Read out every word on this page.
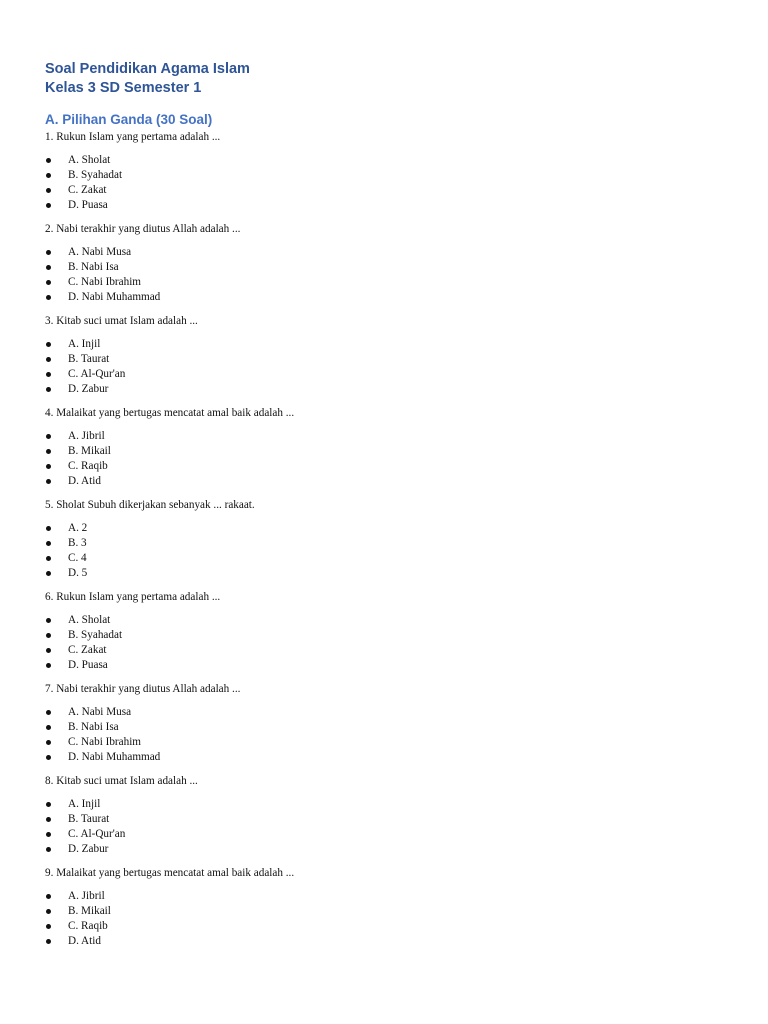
Soal Pendidikan Agama Islam
Kelas 3 SD Semester 1
A. Pilihan Ganda (30 Soal)

1. Rukun Islam yang pertama adalah ...

A. Sholat
B. Syahadat
C. Zakat
D. Puasa

2. Nabi terakhir yang diutus Allah adalah ...

A. Nabi Musa
B. Nabi Isa
C. Nabi Ibrahim
D. Nabi Muhammad

3. Kitab suci umat Islam adalah ...

A. Injil
B. Taurat
C. Al-Qur'an
D. Zabur

4. Malaikat yang bertugas mencatat amal baik adalah ...

A. Jibril
B. Mikail
C. Raqib
D. Atid

5. Sholat Subuh dikerjakan sebanyak ... rakaat.

A. 2
B. 3
C. 4
D. 5

6. Rukun Islam yang pertama adalah ...

A. Sholat
B. Syahadat
C. Zakat
D. Puasa

7. Nabi terakhir yang diutus Allah adalah ...

A. Nabi Musa
B. Nabi Isa
C. Nabi Ibrahim
D. Nabi Muhammad

8. Kitab suci umat Islam adalah ...

A. Injil
B. Taurat
C. Al-Qur'an
D. Zabur

9. Malaikat yang bertugas mencatat amal baik adalah ...

A. Jibril
B. Mikail
C. Raqib
D. Atid
